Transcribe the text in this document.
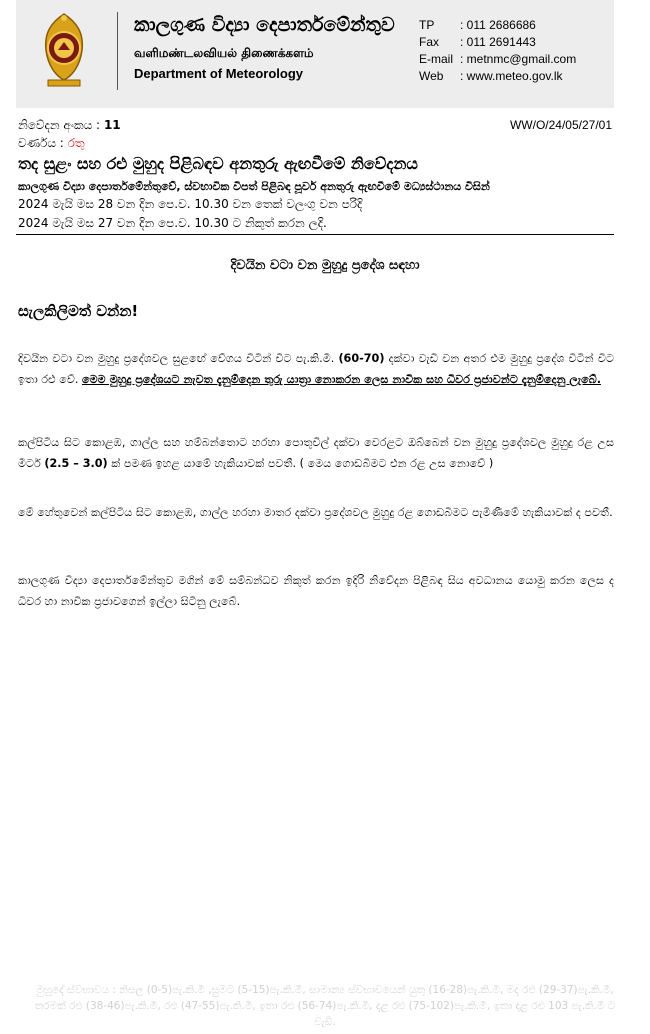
කාලගුණ විද්‍යා දෙපාර්තමේන්තුව
வளிமண்டலவியல் திணைக்களம்
Department of Meteorology
TP : 011 2686686
Fax : 011 2691443
E-mail : metnmc@gmail.com
Web : www.meteo.gov.lk
නිවේදන අංකය : 11	WW/O/24/05/27/01
වර්ණය : රතු
තද සුළං සහ රළු මුහුද පිළිබඳව අනතුරු ඇඟවීමේ නිවේදනය
කාලගුණ විද්‍යා දෙපාර්තමේන්තුවේ, ස්වභාවික විපත් පිළිබඳ පූර්ව අනතුරු ඇඟවීමේ මධ්‍යස්ථානය විසින්
2024 මැයි මස 28 වන දින පෙ.ව. 10.30 වන තෙක් වලංගු වන පරිදි
2024 මැයි මස 27 වන දින පෙ.ව. 10.30 ට නිකුත් කරන ලදි.
දිවයින වටා වන මුහුදු ප්‍රදේශ සඳහා
සැලකිලිමත් වන්න!
දිවයින වටා වන මුහුදු ප්‍රදේශවල සුළඟේ වේගය විටින් විට පැ.කි.මී. (60-70) දක්වා වැඩි වන අතර එම මුහුදු ප්‍රදේශ විටින් විට ඉතා රළු වේ. මෙම මුහුදු ප්‍රදේශයට නැවත දැනුම්දෙන තුරු යාත්‍රා නොකරන ලෙස නාවික සහ ධීවර ප්‍රජාවන්ට දැනුම්දෙනු ලැබේ.
කල්පිටිය සිට කොළඹ, ගාල්ල සහ හම්බන්තොට හරහා පොතුවිල් දක්වා වෙරළට ඔබ්බෙන් වන මුහුදු ප්‍රදේශවල මුහුදු රළ උස මීටර් (2.5 – 3.0) ක් පමණ ඉහළ යාමේ හැකියාවක් පවතී. ( මෙය ගොඩබිමට එන රළ උස නොවේ )
මේ හේතුවෙන් කල්පිටිය සිට කොළඹ, ගාල්ල හරහා මාතර දක්වා ප්‍රදේශවල මුහුදු රළ ගොඩබිමට පැමිණීමේ හැකියාවක් ද පවතී.
කාලගුණ විද්‍යා දෙපාර්තමේන්තුව මගින් මේ සම්බන්ධව නිකුත් කරන ඉදිරි නිවේදන පිළිබඳ සිය අවධානය යොමු කරන ලෙස ද ධීවර හා නාවික ප්‍රජාවගෙන් ඉල්ලා සිටිනු ලැබේ.
මුහුදේ ස්වභාවය : නිසල (0-5)පැ.කි.මී ,සුමට (5-15)පැ.කි.මී, සාමාන්‍ය ස්වභාවයෙන් යුතු (16-28)පැ.කි.මී, මද රළු (29-37)පැ.කි.මී, තරමක් රළු (38-46)පැ.කි.මී, රළු (47-55)පැ.කි.මී, ඉතා රළු (56-74)පැ.කි.මී, දළ රළු (75-102)පැ.කි.මී, ඉතා දළ රළු 103 පැ.කි.මී ට වැඩි.
